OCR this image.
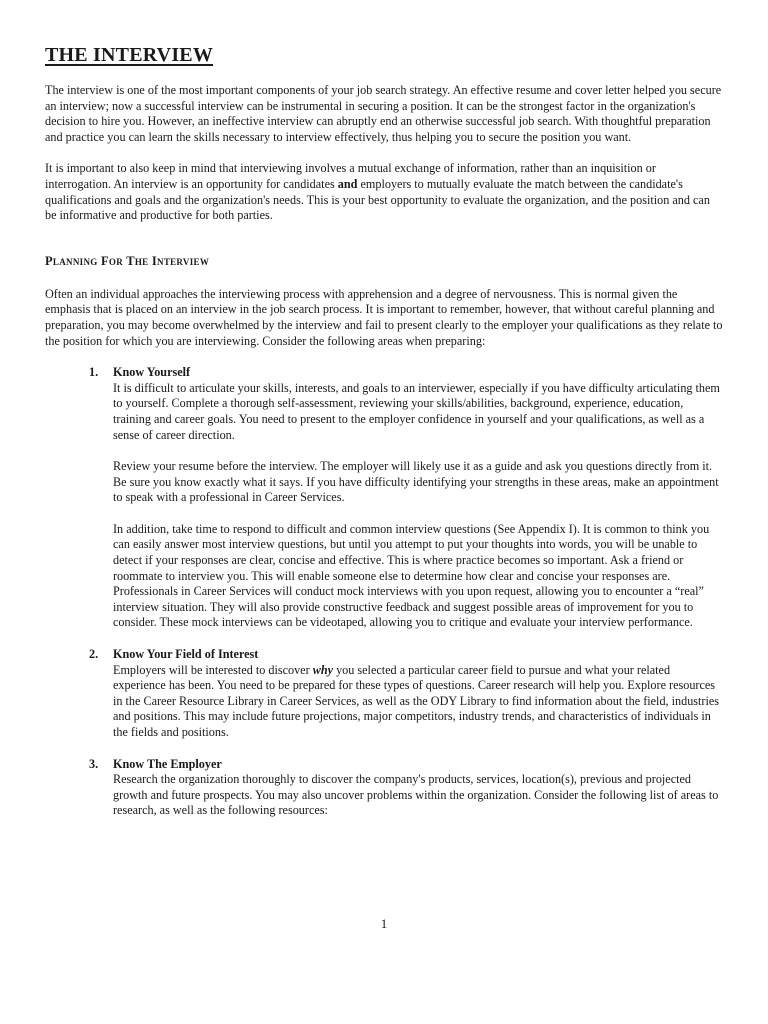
THE INTERVIEW

The interview is one of the most important components of your job search strategy. An effective resume and cover letter helped you secure an interview; now a successful interview can be instrumental in securing a position. It can be the strongest factor in the organization's decision to hire you. However, an ineffective interview can abruptly end an otherwise successful job search. With thoughtful preparation and practice you can learn the skills necessary to interview effectively, thus helping you to secure the position you want.

It is important to also keep in mind that interviewing involves a mutual exchange of information, rather than an inquisition or interrogation. An interview is an opportunity for candidates and employers to mutually evaluate the match between the candidate's qualifications and goals and the organization's needs. This is your best opportunity to evaluate the organization, and the position and can be informative and productive for both parties.

Planning For The Interview

Often an individual approaches the interviewing process with apprehension and a degree of nervousness. This is normal given the emphasis that is placed on an interview in the job search process. It is important to remember, however, that without careful planning and preparation, you may become overwhelmed by the interview and fail to present clearly to the employer your qualifications as they relate to the position for which you are interviewing. Consider the following areas when preparing:

1. Know Yourself

It is difficult to articulate your skills, interests, and goals to an interviewer, especially if you have difficulty articulating them to yourself. Complete a thorough self-assessment, reviewing your skills/abilities, background, experience, education, training and career goals. You need to present to the employer confidence in yourself and your qualifications, as well as a sense of career direction.

Review your resume before the interview. The employer will likely use it as a guide and ask you questions directly from it. Be sure you know exactly what it says. If you have difficulty identifying your strengths in these areas, make an appointment to speak with a professional in Career Services.

In addition, take time to respond to difficult and common interview questions (See Appendix I). It is common to think you can easily answer most interview questions, but until you attempt to put your thoughts into words, you will be unable to detect if your responses are clear, concise and effective. This is where practice becomes so important. Ask a friend or roommate to interview you. This will enable someone else to determine how clear and concise your responses are. Professionals in Career Services will conduct mock interviews with you upon request, allowing you to encounter a “real” interview situation. They will also provide constructive feedback and suggest possible areas of improvement for you to consider. These mock interviews can be videotaped, allowing you to critique and evaluate your interview performance.

2. Know Your Field of Interest

Employers will be interested to discover why you selected a particular career field to pursue and what your related experience has been. You need to be prepared for these types of questions. Career research will help you. Explore resources in the Career Resource Library in Career Services, as well as the ODY Library to find information about the field, industries and positions. This may include future projections, major competitors, industry trends, and characteristics of individuals in the fields and positions.

3. Know The Employer

Research the organization thoroughly to discover the company's products, services, location(s), previous and projected growth and future prospects. You may also uncover problems within the organization. Consider the following list of areas to research, as well as the following resources:

1
